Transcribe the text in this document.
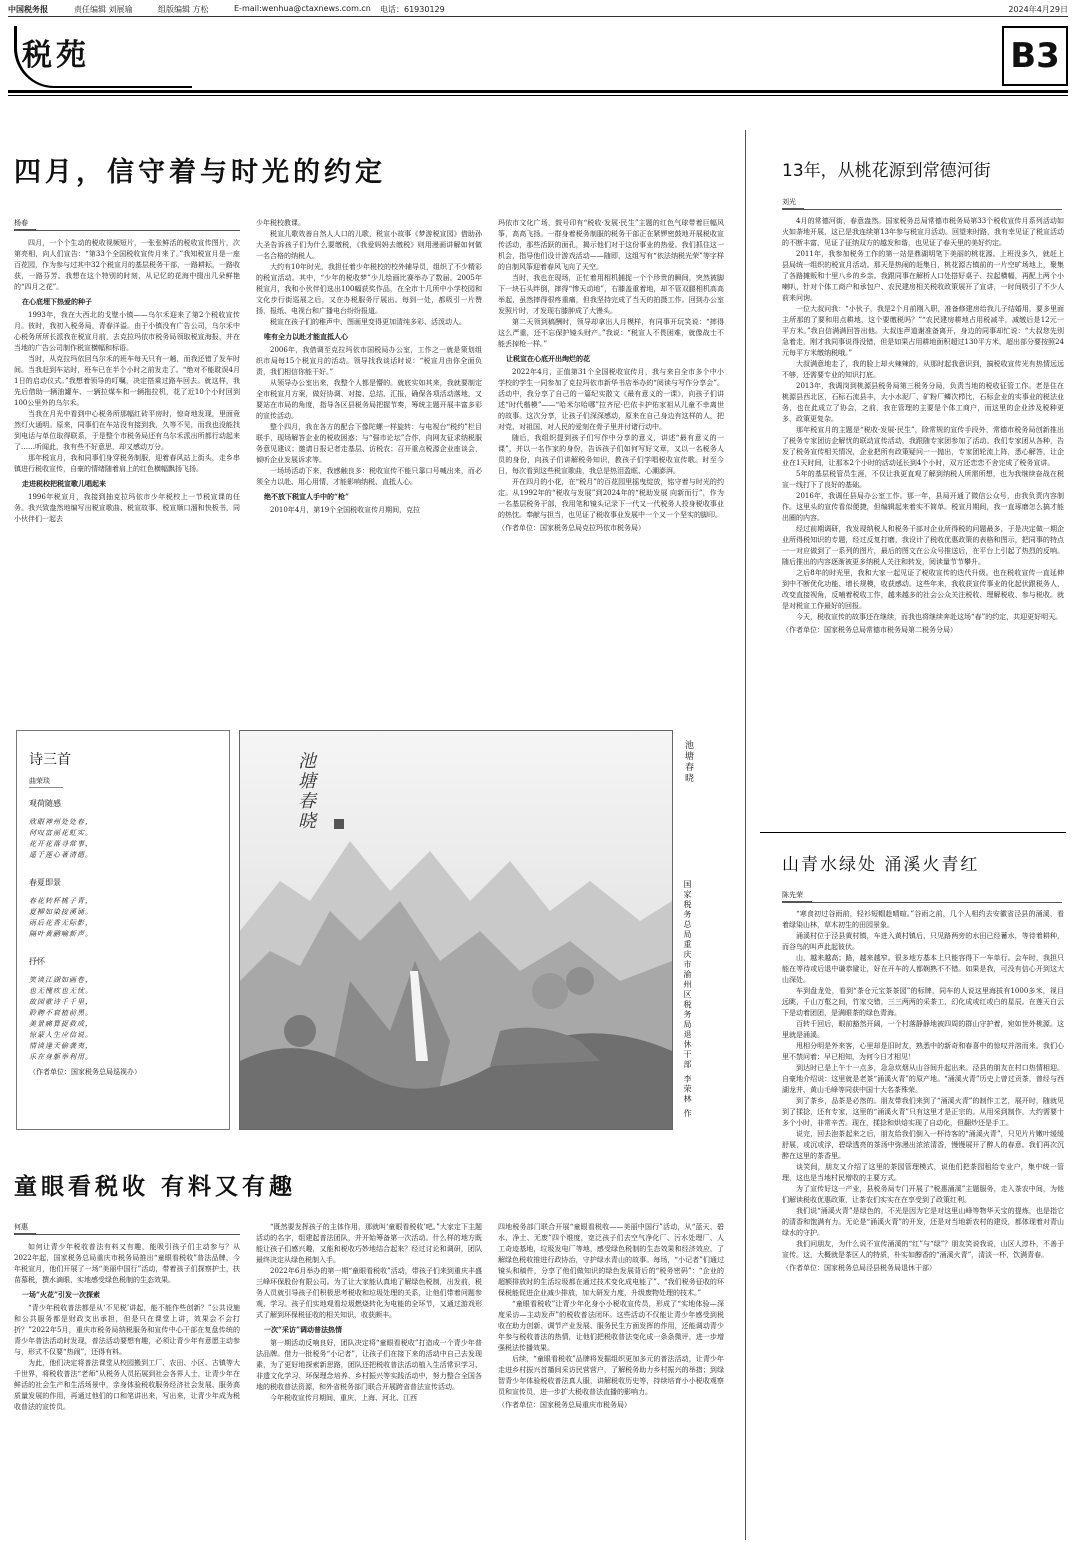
中国税务报	责任编辑 刘展瑜	组版编辑 方松	E-mail:wenhua@ctaxnews.com.cn 电话：61930129	2024年4月29日
税苑	B3
四月，信守着与时光的约定
杨春

四月，一个个生动的税收视频短片，一张张鲜活的税收宣传图片，次第亮相，向人们宣告：“第33个全国税收宣传月来了。”我知税宣月是一座百花园，作为参与过其中32个税宣月的基层税务干部，一路耕耘，一路收获，一路芬芳。我想在这个特别的时刻，从记忆的花海中掇出几朵鲜艳的“四月之花”。

在心底埋下热爱的种子

1993年，我在大西北的戈壁小镇——乌尔禾迎来了第2个税收宣传月。彼时，我初入税务局，青春洋溢。由于小镇没有广告公司，乌尔禾中心税务所所长派我在税宣月前，去克拉玛依市税务局领取税宣海报，并在当地的广告公司制作税宣横幅和标语。

当时，从克拉玛依回乌尔禾的班车每天只有一趟，而我还错了发车时间。当我赶到车站时，班车已在半个小时之前发走了。“绝对不能耽误4月1日的启动仪式。”我想着领导的叮嘱，决定搭乘过路车回去。就这样，我先后借助一辆油罐车、一辆拉煤车和一辆拖拉机，花了近10个小时回到100公里外的乌尔禾。

当我在月光中看到中心税务所那幅红砖平房时，惊奇地发现，里面竟然灯火通明。原来，同事们在车站没有接到我，久等不见，而我也没能找到电话与单位取得联系，于是整个市税务局还有乌尔禾派出所都行动起来了……听闻此，我有些不好意思，却又感动万分。

那年税宣月，我和同事们身穿税务制服，迎着春风站上街头，走乡串镇进行税收宣传，自豪的情绪随着肩上的红色横幅飘扬飞扬。

走进税校把税宣歌儿唱起来

1996年税宣月，我接到抽克拉玛依市少年税校上一节税宣课的任务。我兴致盎然地编写出税宣歌曲、税宣故事、税宣顺口溜和快板书，同小伙伴们一起去

少年税校教课。

税宣儿歌效善自然人人口的儿歌，税宣小故事《梦游税宣园》借助孙大圣告诉孩子们为什么要缴税，《我爱妈妈去缴税》则用漫画讲解如何做一名合格的纳税人。

大约有10年时光，我担任着少年税校的校外辅导员，组织了不少精彩的税宣活动。其中，“少年的税收梦”少儿绘画比赛举办了数届。2005年税宣月，我和小伙伴们选出100幅获奖作品，在全市十几所中小学校园和文化步行街巡展之后，又在办税服务厅展出。每到一处，都吸引一片赞扬，报纸、电视台和广播电台纷纷报道。

税宣在孩子们的稚声中、图画里变得更加清纯多彩、活泼动人。

唯有全力以赴才能直抵人心

2006年，我借调至克拉玛依市国税局办公室，工作之一就是策划组织市局每15个税宣月的活动。领导找我谈话时说：“税宣月由你全面负责，我们相信你能干好。”

从领导办公室出来，我整个人都是懵的。就底实如其来，我就要制定全市税宣月方案，做好协调、对接、总结、汇报，确保各项活动落地，又要站在市局的角度，指导各区县税务局把握节奏，筹统主题开展丰富多彩的宣传活动。

整个四月，我在各方的配合下像陀螺一样旋转：与电视台“税约”栏目联手，现场解答企业的税收困惑；与“强市论坛”合作，向网友征求纳税服务意见建议；邀请日报记者走基层、访税农；召开重点税源企业座谈会，倾听企业发展诉求等。

一场场活动下来，我感触良多：税收宣传不能只靠口号喊出来，而必须全力以赴、用心用情，才能影响纳税、直抵人心。

绝不放下税宣人手中的“枪”

2010年4月，第19个全国税收宣传月期间，克拉

玛依市文化广场，鼓号印有“税收·发展·民生”主题的红色气球带着巨幅风筝，高高飞扬。一群身着税务制服的税务干部正在紧锣密鼓地开展税收宣传活动，那些活跃的面孔，揭示他们对于这份事业的热爱。我们抓住这一机会，指导他们设计游戏活动——随即，这组写有“依法纳税光荣”等字样的自制风筝迎着春风飞向了天空。

当时，我也在现场，正忙着用相机捕捉一个个珍贵的瞬间，突然被脚下一块石头绊倒，摔得“惨天动地”，右膝盖重着地，却不管双腿相机高高举起，虽然摔得很疼重痛，但我坚持完成了当天的拍摄工作。回到办公室发照片时，才发现右膝肿成了大馒头。

第二天领到稿酬时，领导却拿出人月模样，有同事开玩笑说：“摔得这么严重，还不忘保护镜头财产。”我说：“税宣人不畏困难，就像战士不能丢掉枪一样。”

让税宣在心底开出绚烂的花

2022年4月，正值第31个全国税收宣传月，我与来自全市多个中小学校的学生一同参加了克拉玛依市新华书店举办的“阅读与写作分享会”。活动中，我分享了自己的一篇纪实散文《最有意义的一课》，向孩子们讲述“时代楷模”——“哈米尔哈哪”拉齐尼·巴依卡护佑家祖从儿童不幸离世的故事。这次分享，让孩子们深深感动，原来在自己身边有这样的人，把对党、对祖国、对人民的爱刻在骨子里并付诸行动中。

随后，我组织提到孩子们写作中分享的意义，讲述“最有意义的一课”，并以一名作家的身份，告诉孩子们如何写好文章，又以一名税务人员的身份，向孩子们讲解税务知识，教孩子们学唱税收宣传歌。时至今日，每次看到这些税宣歌曲，我总是热泪盈眶、心潮澎湃。

开在四月的小花，在“税月”的百花园里摇曳绽放，铭守着与时光的约定。从1992年的“税收与发展”到2024年的“税助发展 向新而行”，作为一名基层税务干部，我用笔和镜头记录下一代又一代税务人投身税收事业的热忱。奉献与担当，也见证了税收事业发展中一个又一个坚实的脚印。

（作者单位：国家税务总局克拉玛依市税务局）

13年，从桃花源到常德河街
刘光

4月的常德河街，春意盎然。国家税务总局常德市税务局第33个税收宣传月系列活动如火如荼地开展，这已是我连续第13年参与税宣月活动。回望来时路，我有幸见证了税宣活动的不断丰富，见证了征纳双方的越发和谐，也见证了春天里的美好约定。

2011年，我参加税务工作的第一站是鼎湖明笔下美丽的桃花源。上班没多久，就赶上县局统一组织的税宣月活动。那天是热闹的赶集日，桃花源古镇前的一片空旷场地上，聚集了各路摊贩和十里八乡的乡亲。我跟同事在解析人口处搭好桌子、拉起横幅，再配上两个小喇叭，针对个体工商户和承包户、农民建房相关税收政策展开了宣讲，一时间吸引了不少人前来问询。

一位大叔问我：“小伙子，我是2个月前刚入职，准备修建房给我儿子结婚用，要多里面主所那的了要和用点耕地，这个要缴税吗？”“农民建房耕地占用税减半，减缴后是12元一平方米。”我自信满满回答出他。大叔连声道谢准备离开，身边的同事却忙说：“大叔您先别急着走，刚才我同事说得没错，但是如果占用耕地面积超过130平方米，超出部分要按照24元每平方米缴纳税哦。”

大叔满意地走了，我的脸上却火辣辣的，从那时起我意识到，搞税收宣传光有热情远远不够，还需要专业的知识打底。

2013年，我调岗到桃源县税务局第三税务分局，负责当地的税收征管工作。老是住在桃源县西北区，石标石流县丰，大小水泥厂、矿粉厂鳞次栉比，石标企业的实事业的税法业务，也在此成立了协会，之前，我在管理的主要是个体工商户，而这里的企业涉及税种更多，政策更复杂。

那年税宣月的主题是“税收·发展·民生”，除常规的宣传手段外，常德市税务局创新推出了税务专家团访企解忧的联动宣传活动，我跟随专家团参加了活动。我们专家团从各种，告发了税务宣传相关情况，企业把所有政策疑问一一抛出，专家团轮流上阵，悉心解答，让企业在1天时间，让那本2个小时的活动延长到4个小时，双方还恋恋不舍完成了税务宣讲。

5年的基层税管员生涯，不仅让我更直观了解到纳税人所需所想，也为我继续奋战在税宣一线打下了良好的基础。

2016年，我调任县局办公室工作。那一年，县局开通了微信公众号，由我负责内容制作。这里头的宣传看似便捷，但编辑起来着实不简单。税宣月期间，我一直琢磨怎么搞才能出圈的内容。

经过前期调研，我发现纳税人和税务干部对企业所得税的问题最多，于是决定做一期企业所得税知识的专题，经过反复打磨，我设计了税收优惠政策的表格和图示，把同事的特点一一对应做到了一系列的图片，最后的图文在公众号推送后，在平台上引起了热烈的反响。随后推出的内容逐渐被更多纳税人关注和转发，阅读量节节攀升。

之后8年的时光里，我和大家一起见证了税收宣传的迭代升级。也在税收宣传一直延伸到中不断优化功能、增长规模，收获感动。这些年来，我收获宣传事业的化起伏跟税务人，改变直接视角，反哺着税收工作，越来越多的社会公众关注税收、理解税收、参与税收。就是对税宣工作最好的回报。

今天，税收宣传的故事还在继续，而我也将继续奔赴这场“春”的约定，共迎更好明天。

（作者单位：国家税务总局常德市税务局第二税务分局）

山青水绿处 涌溪火青红
陈先荣

“寒食初过谷雨前，轻衫短帽趁晴暄。”谷雨之前，几个人相约去安徽省泾县的涌溪，看着绿染山林，草木初生的田园景象。

涌溪村位于泾县黄村镇，车进入黄村镇后，只见路两旁的水田已经蓄水，等待着耕种，而谷鸟的叫声此起彼伏。

山，越来越高；路，越来越窄。很多地方基本上只能容得下一车单行。会车时，我担只能在等待或后退中谦恭避让，好在开车的人都娴熟不不错。如果是我，可没有信心开到这大山深处。

车到盘龙处，看到“茶仓元宝茶茶园”的标牌，同车的人说这里海拔有1000多米，视目远眺，千山万壑之间，竹家交错，三三两两的采茶工，幻化成或红或白的星辰。在莲天白云下是动着团团，是满眼茶的绿色青海。

百转千回后，眼前豁然开阔，一个村落静静地被四周的群山守护着，宛如世外桃源。这里就是涌溪。

甩相分明是外来客，心里却是旧时友，熟悉中的新奇和春喜中的惊叹并溶而来。我们心里不禁问着：早已相知，为何今日才相见！

到达时已是上午十一点多，急急炊烟从山谷间升起出来。泾县的朋友在村口热情相迎。自豪地介绍说：这里就是老茶“涌溪火青”的原产地。“涌溪火青”历史上曾过贡茶，曾经与西湖龙井、黄山毛峰等同获中国十大名茶殊荣。

到了茶乡，品茶是必然的。朋友带我们来到了“涌溪火青”的制作工艺，展开时，随就见到了揉捻，还有专家，这里的“涌溪火青”只有这里才是正宗的。从用采到制作，大约需要十多个小时，非常辛苦。现在，揉捻和烘焙实现了自动化，但翻炒还是手工。

说完，回去泡茶起来之后，朋友给我们倒入一杯待客的“涌溪火青”，只见片片嫩叶缓缓舒展，或沉或浮，碧绿透亮的茶汤中弥漫出浓浓清香，慢慢展开了醉人的春意。我们再次沉醉在这里的茶香里。

谈笑间，朋友又介绍了这里的茶园管理模式，说他们把茶园租给专业户，集中统一管理，这也是当地村民增收的主要方式。

为了宣传好这一产业，县税务局专门开展了“税惠涌溪”主题服务，走入茶农中间，为他们解读税收优惠政策，让茶农们实实在在享受到了政策红利。

我们说“涌溪火青”是绿色的，不光是因为它是对这里山峰等物华天宝的提炼，也是指它的清香和饱满有力。无论是“涌溪火青”的开发，还是对当地新农村的建设，都体现着对青山绿水的守护。

我们问朋友，为什么说不宣传涌溪的“红”与“绿”？朋友笑说我说，山区人淳朴，不善于宣传。这，大概就是茶区人的特质，朴实如醇香的“涌溪火青”，清淡一杯，饮满青春。

（作者单位：国家税务总局泾县税务局退休干部）

诗三首
曲荣琰
观荷随感
欣眼神州处处春，
何叹富丽花虹实。
花开花落寻常事，
遥于莲心著清德。
春夏即景
春花转杯桃子青，
夏柳如染接溪诵。
雨后花香无际影，
隔叶黄鹂喻新声。
抒怀
笑谈江湖如画卷，
也无愧疚也无忧。
故园歌诗千千里，
聆聘不衰植前黑。
美景痛算捉救成，
惊蒙人生应信说。
情谈逢天偷袭夷，
乐在身躯举利用。
（作者单位：国家税务总局巡视办）
池塘春晓	池塘春晓
国家税务总局重庆市渝州区税务局退休干部 李荣林 作
童眼看税收 有料又有趣
何惠

如何让青少年税收普法有料又有趣，能吸引孩子们主动参与？从2022年起，国家税务总局重庆市税务局推出“童眼看税收”普法品牌，今年税宣月，他们开展了一场“美丽中国行”活动，带着孩子们探察护土，扶苗慕税，撰水滴眼，实地感受绿色税制的生态效果。

一场“火花”引发一次探索

“青少年税收普法都是从‘不见税’讲起，能不能作些创新？”公共设施和公共服务都是财政支出承担，但是只在课堂上讲，效果会不会打折？”2022年5月，重庆市税务局纳税服务和宣传中心干部在复盘传统的青少年普法活动时发现，普法活动要想有趣，必须让青少年有意愿主动参与，形式不仅要“热闹”，还得有料。

为此，他们决定将普法课堂从校园搬到工厂、农田、小区、古镇等大千世界，将税收普法“老师”从税务人员拓展到社会各界人士，让青少年在鲜活的社会生产和生活场景中，亲身体验税收服务经济社会发展、服务高质量发展的作用，再通过他们的口和笔讲出来，写出来，让青少年成为税收普法的宣传员。

“既然要发挥孩子的主体作用，那就叫‘童眼看税收’吧。”大家定下主题活动的名字，组建起普法团队，并开始筹备第一次活动。什么样的地方既能让孩子们感兴趣，又能和税收巧妙地结合起来？经过讨论和调研，团队最终决定从绿色税制入手。

2022年6月举办的第一期“童眼看税收”活动，带孩子们来到重庆丰盛三峰环保股份有限公司。为了让大家能认真地了解绿色税制，出发前，税务人员就引导孩子们积极思考税收和垃圾处理的关系，让他们带着问题参观、学习。孩子们实地观看垃圾燃烧转化为电能的全环节，又通过游戏形式了解到环保税征收的相关知识，收获颇丰。

一次“采访”调动普法热情

第一期活动反响良好，团队决定将“童眼看税收”打造成一个青少年普法品牌。借力一批税务“小记者”，让孩子们在接下来的活动中自己去发现素，为了更好地探索新思路，团队还把税收普法活动植入生活常识学习、非遗文化学习、环保理念培养、乡村振兴等实践活动中，努力整合全国各地的税收普法资源，和外省税务部门联合开展跨省普法宣传活动。

今年税收宣传月期间，重庆、上海、河北、江西

四地税务部门联合开展“童眼看税收——美丽中国行”活动，从“蓝天、碧水、净土、无废”四个维度，宽泛孩子们去空气净化厂、污水处理厂、人工奇迹基地，垃圾发电厂等地，感受绿色税制的生态效果和经济效应，了解绿色税收推进行政协治，守护绿水青山的故事。每场，“小记者”们通过镜头和稿件，分享了他们做知识的绿色发展背后的“税务密码”：“企业的超额排放时的生活垃圾都在通过技术变化成电能了”、“我们税务征收的环保税能促进企业减少排放，加大研发力度，升级废物处理的技术。”

“童眼看税收”让青少年化身小小税收宣传员，形成了“实地体验—深度采访—主动发声”的税收普法闭环。这些活动不仅能让青少年感受到税收在助力创新、调节产业发展、服务民生方面发挥的作用，还能调动青少年参与税收普法的热情，让他们把税收普法变化成一条条微评，进一步增强税法传播效果。

后续，“童眼看税收”品牌将发掘组织更加多元的普法活动，让青少年走进乡村振兴首播间采访民营营户，了解税务助力乡村振兴的举措；到绿智青少年体验税收普法真人服，讲解税收历史等，持续培育小小税收观察员和宣传员，进一步扩大税收普法直播的影响力。

（作者单位：国家税务总局重庆市税务局）
